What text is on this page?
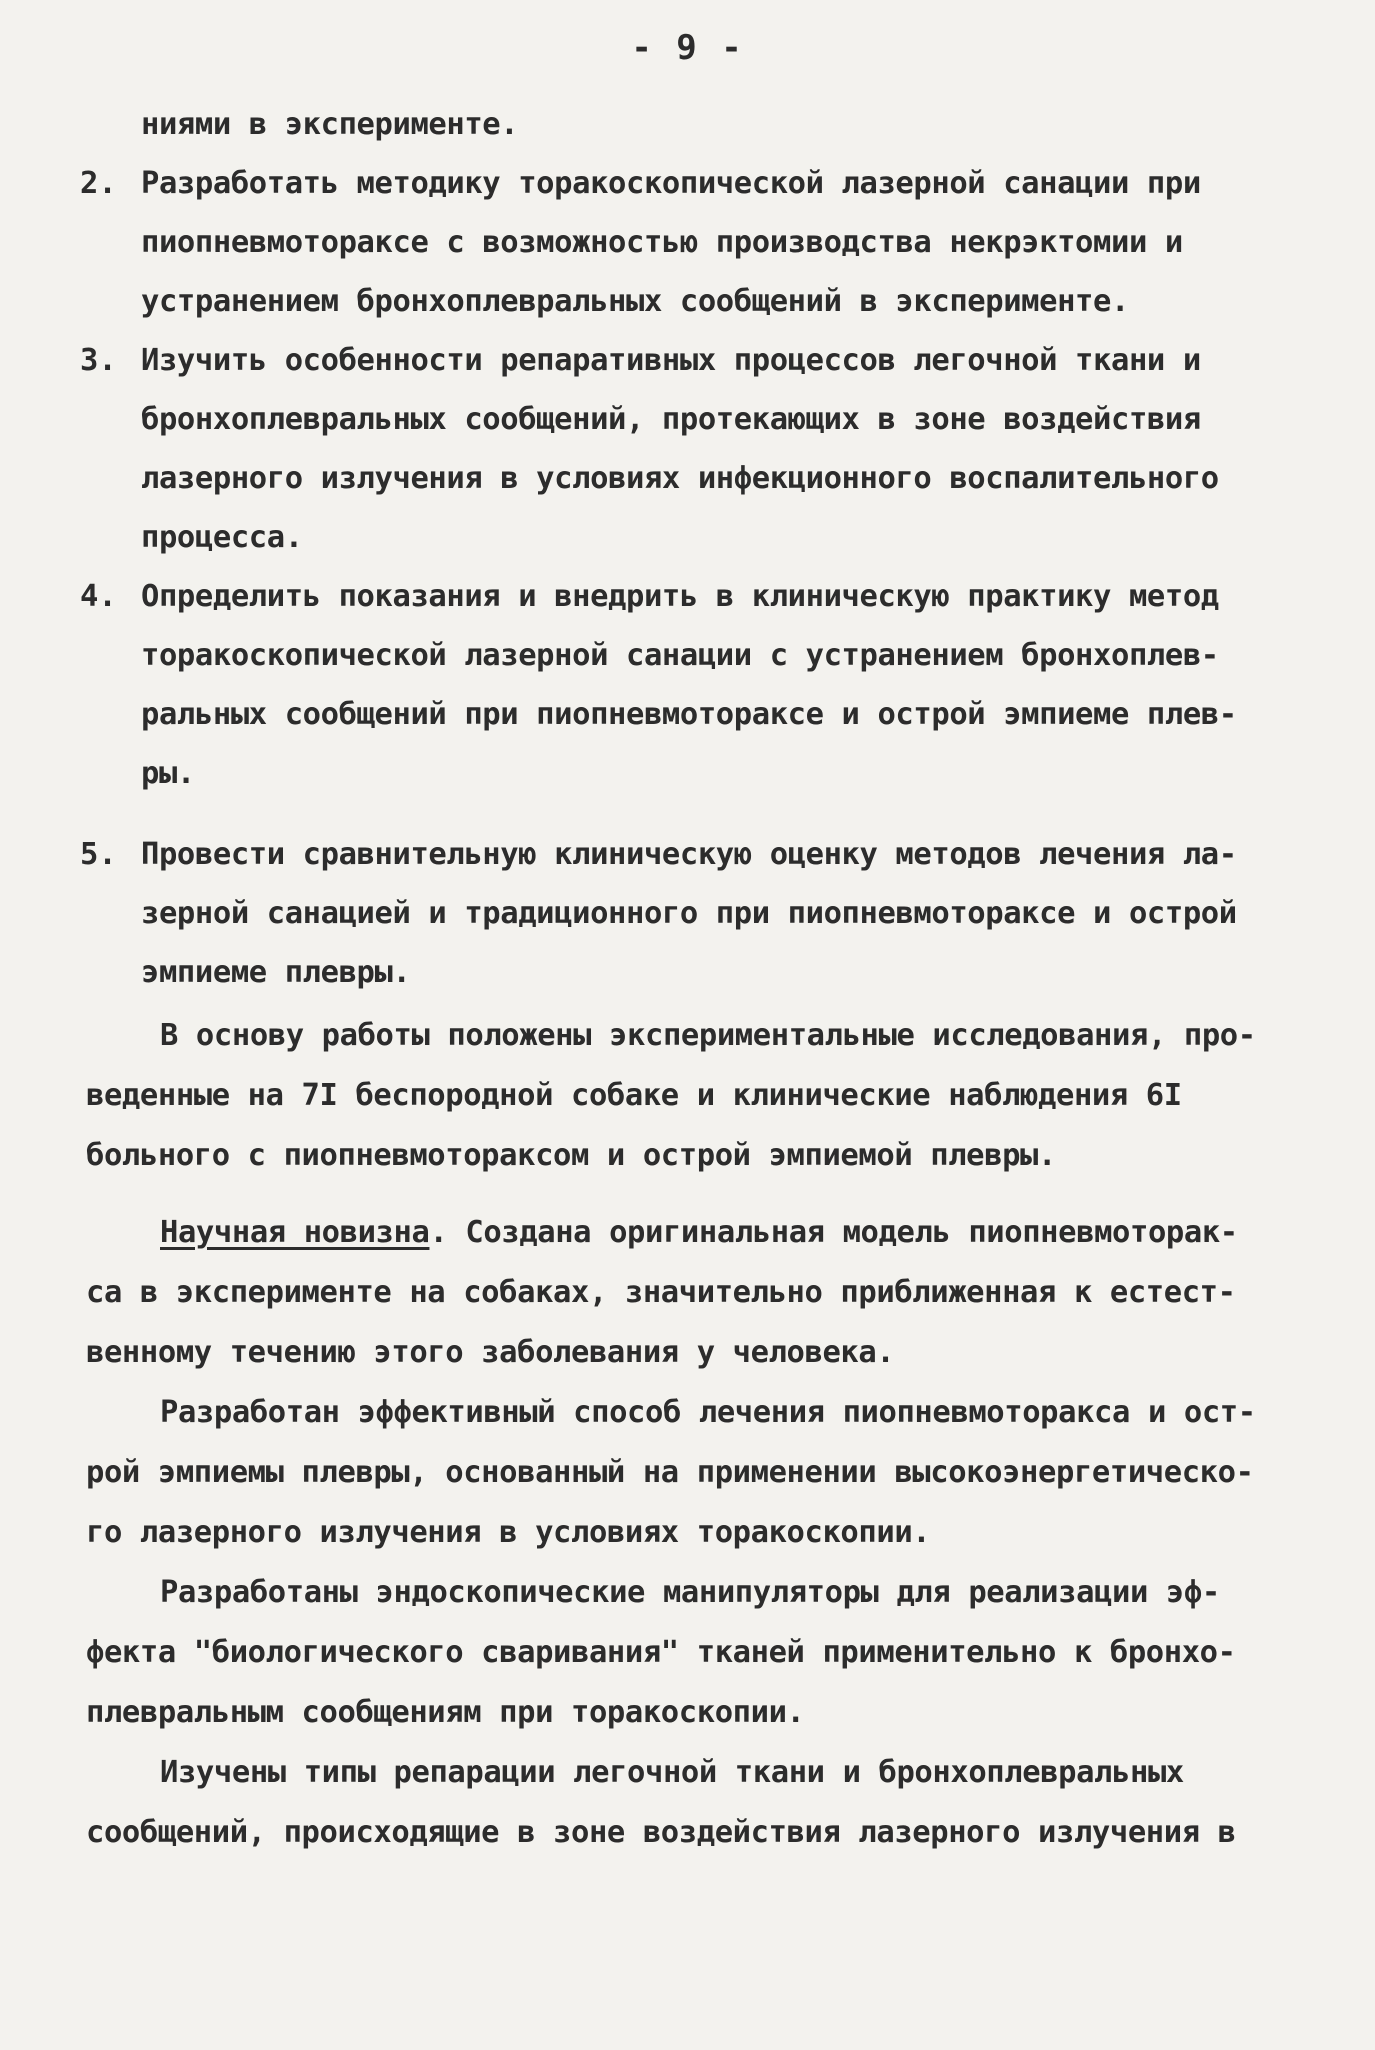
- 9 -
ниями в эксперименте.
2. Разработать методику торакоскопической лазерной санации при
пиопневмотораксе с возможностью производства некрэктомии и
устранением бронхоплевральных сообщений в эксперименте.
3. Изучить особенности репаративных процессов легочной ткани и
бронхоплевральных сообщений, протекающих в зоне воздействия
лазерного излучения в условиях инфекционного воспалительного
процесса.
4. Определить показания и внедрить в клиническую практику метод
торакоскопической лазерной санации с устранением бронхоплев-
ральных сообщений при пиопневмотораксе и острой эмпиеме плев-
ры.
5. Провести сравнительную клиническую оценку методов лечения ла-
зерной санацией и традиционного при пиопневмотораксе и острой
эмпиеме плевры.
В основу работы положены экспериментальные исследования, про-
веденные на 7I беспородной собаке и клинические наблюдения 6I
больного с пиопневмотораксом и острой эмпиемой плевры.
Научная новизна. Создана оригинальная модель пиопневмоторак-
са в эксперименте на собаках, значительно приближенная к естест-
венному течению этого заболевания у человека.
Разработан эффективный способ лечения пиопневмоторакса и ост-
рой эмпиемы плевры, основанный на применении высокоэнергетическо-
го лазерного излучения в условиях торакоскопии.
Разработаны эндоскопические манипуляторы для реализации эф-
фекта "биологического сваривания" тканей применительно к бронхо-
плевральным сообщениям при торакоскопии.
Изучены типы репарации легочной ткани и бронхоплевральных
сообщений, происходящие в зоне воздействия лазерного излучения в
